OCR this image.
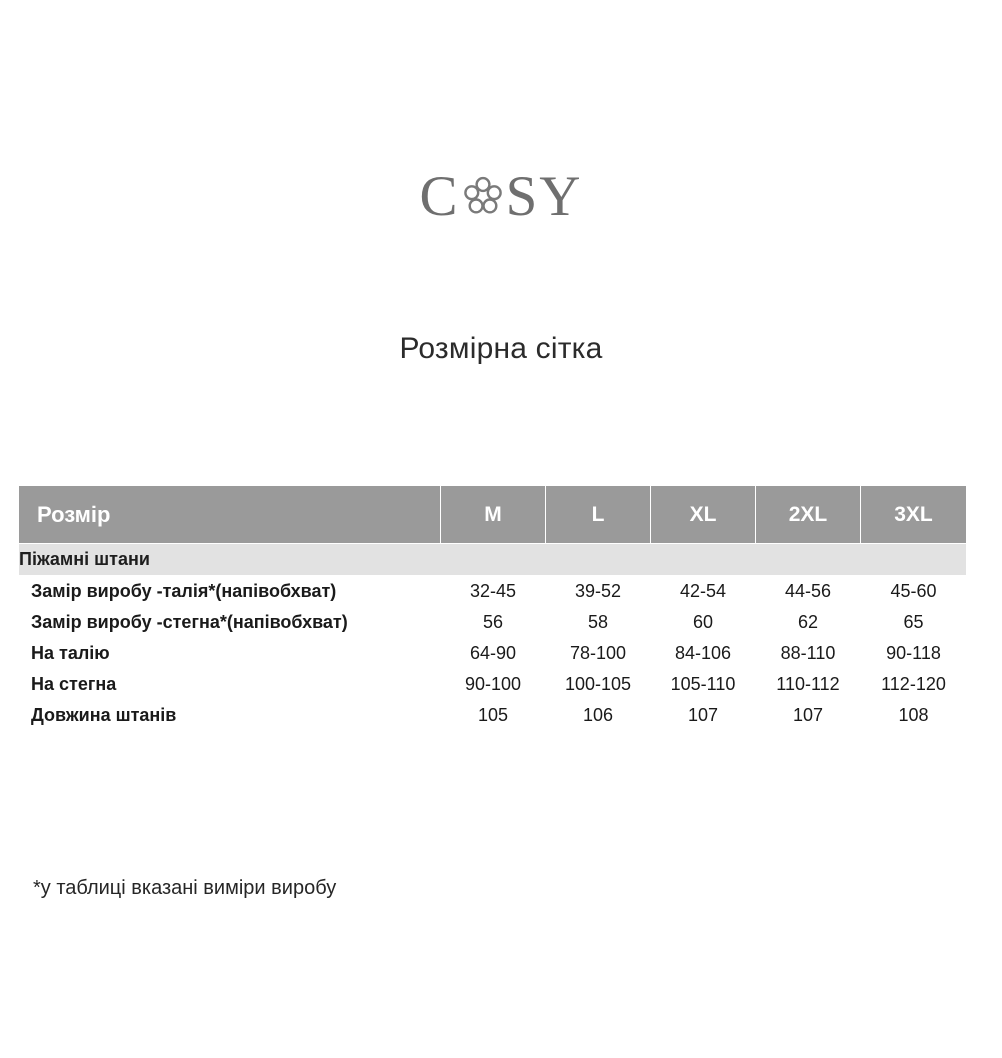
C SY
Розмірна сітка
Розмір	M	L	XL	2XL	3XL
Піжамні штани					
Замір виробу -талія*(напівобхват)	32-45	39-52	42-54	44-56	45-60
Замір виробу -стегна*(напівобхват)	56	58	60	62	65
На талію	64-90	78-100	84-106	88-110	90-118
На стегна	90-100	100-105	105-110	110-112	112-120
Довжина штанів	105	106	107	107	108
*у таблиці вказані виміри виробу
